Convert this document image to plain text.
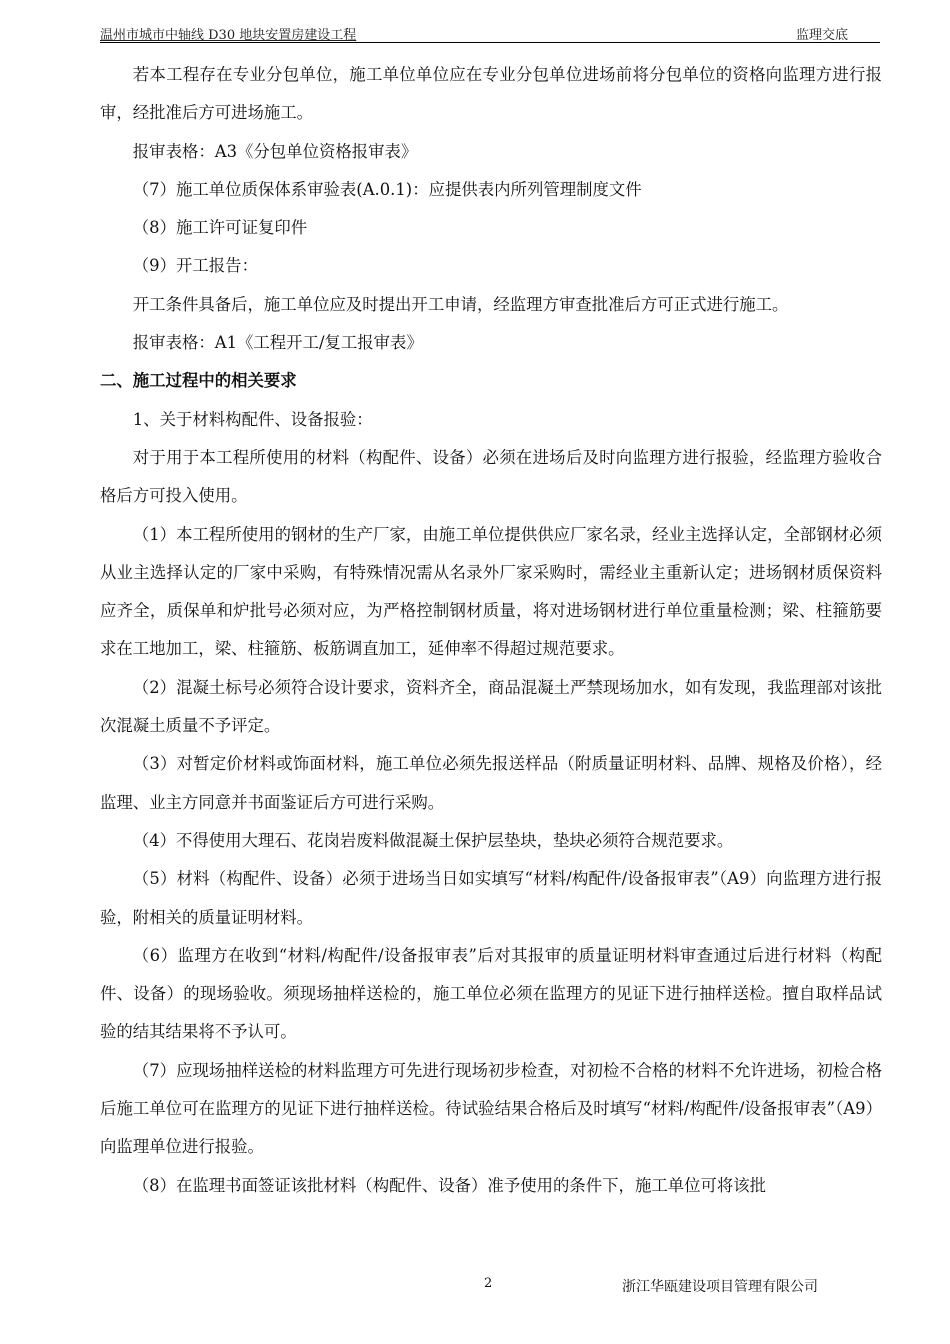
温州市城市中轴线 D30 地块安置房建设工程	监理交底

若本工程存在专业分包单位，施工单位单位应在专业分包单位进场前将分包单位的资格向监理方进行报审，经批准后方可进场施工。

报审表格：A3《分包单位资格报审表》

（7）施工单位质保体系审验表(A.0.1)：应提供表内所列管理制度文件

（8）施工许可证复印件

（9）开工报告：

开工条件具备后，施工单位应及时提出开工申请，经监理方审查批准后方可正式进行施工。

报审表格：A1《工程开工/复工报审表》

二、施工过程中的相关要求

1、关于材料构配件、设备报验：

对于用于本工程所使用的材料（构配件、设备）必须在进场后及时向监理方进行报验，经监理方验收合格后方可投入使用。

（1）本工程所使用的钢材的生产厂家，由施工单位提供供应厂家名录，经业主选择认定，全部钢材必须从业主选择认定的厂家中采购，有特殊情况需从名录外厂家采购时，需经业主重新认定；进场钢材质保资料应齐全，质保单和炉批号必须对应，为严格控制钢材质量，将对进场钢材进行单位重量检测；梁、柱箍筋要求在工地加工，梁、柱箍筋、板筋调直加工，延伸率不得超过规范要求。

（2）混凝土标号必须符合设计要求，资料齐全，商品混凝土严禁现场加水，如有发现，我监理部对该批次混凝土质量不予评定。

（3）对暂定价材料或饰面材料，施工单位必须先报送样品（附质量证明材料、品牌、规格及价格），经监理、业主方同意并书面鉴证后方可进行采购。

（4）不得使用大理石、花岗岩废料做混凝土保护层垫块，垫块必须符合规范要求。

（5）材料（构配件、设备）必须于进场当日如实填写“材料/构配件/设备报审表”（A9）向监理方进行报验，附相关的质量证明材料。

（6）监理方在收到“材料/构配件/设备报审表”后对其报审的质量证明材料审查通过后进行材料（构配件、设备）的现场验收。须现场抽样送检的，施工单位必须在监理方的见证下进行抽样送检。擅自取样品试验的结其结果将不予认可。

（7）应现场抽样送检的材料监理方可先进行现场初步检查，对初检不合格的材料不允许进场，初检合格后施工单位可在监理方的见证下进行抽样送检。待试验结果合格后及时填写“材料/构配件/设备报审表”（A9）向监理单位进行报验。

（8）在监理书面签证该批材料（构配件、设备）准予使用的条件下，施工单位可将该批

2	浙江华瓯建设项目管理有限公司
